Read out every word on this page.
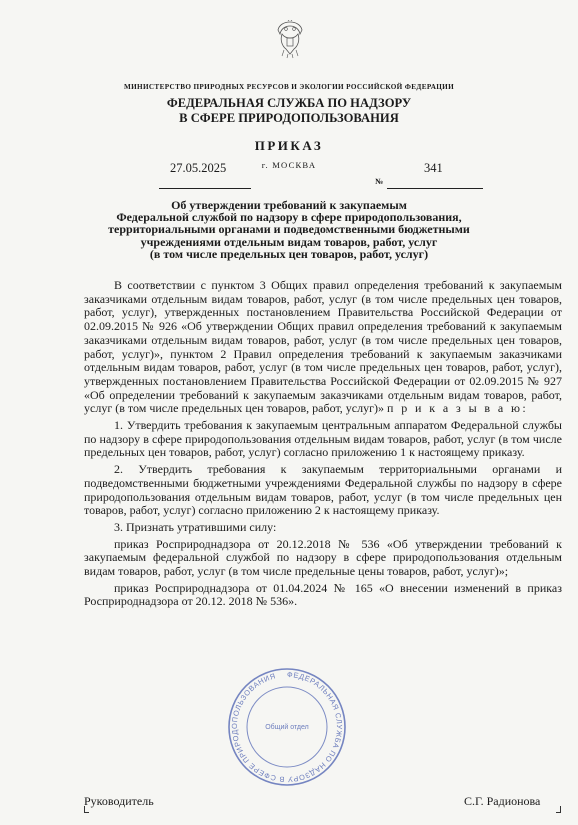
МИНИСТЕРСТВО ПРИРОДНЫХ РЕСУРСОВ И ЭКОЛОГИИ РОССИЙСКОЙ ФЕДЕРАЦИИ
ФЕДЕРАЛЬНАЯ СЛУЖБА ПО НАДЗОРУ
В СФЕРЕ ПРИРОДОПОЛЬЗОВАНИЯ
ПРИКАЗ
27.05.2025	г. МОСКВА	341
№
Об утверждении требований к закупаемым
Федеральной службой по надзору в сфере природопользования,
территориальными органами и подведомственными бюджетными
учреждениями отдельным видам товаров, работ, услуг
(в том числе предельных цен товаров, работ, услуг)

В соответствии с пунктом 3 Общих правил определения требований к закупаемым заказчиками отдельным видам товаров, работ, услуг (в том числе предельных цен товаров, работ, услуг), утвержденных постановлением Правительства Российской Федерации от 02.09.2015 № 926 «Об утверждении Общих правил определения требований к закупаемым заказчиками отдельным видам товаров, работ, услуг (в том числе предельных цен товаров, работ, услуг)», пунктом 2 Правил определения требований к закупаемым заказчиками отдельным видам товаров, работ, услуг (в том числе предельных цен товаров, работ, услуг), утвержденных постановлением Правительства Российской Федерации от 02.09.2015 № 927 «Об определении требований к закупаемым заказчиками отдельным видам товаров, работ, услуг (в том числе предельных цен товаров, работ, услуг)» п р и к а з ы в а ю:

1. Утвердить требования к закупаемым центральным аппаратом Федеральной службы по надзору в сфере природопользования отдельным видам товаров, работ, услуг (в том числе предельных цен товаров, работ, услуг) согласно приложению 1 к настоящему приказу.

2. Утвердить требования к закупаемым территориальными органами и подведомственными бюджетными учреждениями Федеральной службы по надзору в сфере природопользования отдельным видам товаров, работ, услуг (в том числе предельных цен товаров, работ, услуг) согласно приложению 2 к настоящему приказу.

3. Признать утратившими силу:

приказ Росприроднадзора от 20.12.2018 № 536 «Об утверждении требований к закупаемым федеральной службой по надзору в сфере природопользования отдельным видам товаров, работ, услуг (в том числе предельные цены товаров, работ, услуг)»;

приказ Росприроднадзора от 01.04.2024 № 165 «О внесении изменений в приказ Росприроднадзора от 20.12. 2018 № 536».

ФЕДЕРАЛЬНАЯ СЛУЖБА ПО НАДЗОРУ В СФЕРЕ ПРИРОДОПОЛЬЗОВАНИЯ
Общий отдел
Руководитель	С.Г. Радионова
